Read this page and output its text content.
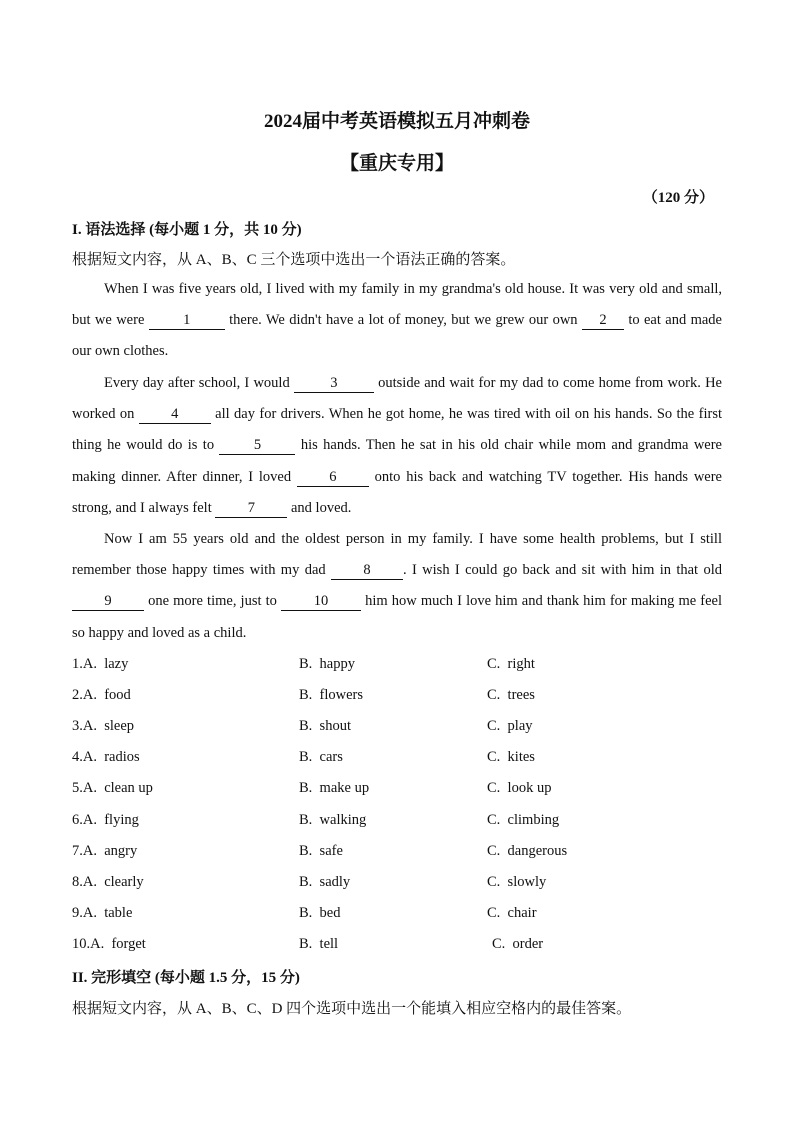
2024届中考英语模拟五月冲刺卷
【重庆专用】
（120 分）
I. 语法选择 (每小题 1 分，共 10 分)
根据短文内容，从 A、B、C 三个选项中选出一个语法正确的答案。

When I was five years old, I lived with my family in my grandma's old house. It was very old and small, but we were 1 there. We didn't have a lot of money, but we grew our own 2 to eat and made our own clothes.

Every day after school, I would	3	outside and wait for my dad to come home from work. He worked on 4 all day for drivers. When he got home, he was tired with oil on his hands. So the first thing he would do is to 5 his hands. Then he sat in his old chair while mom and grandma were making dinner. After dinner, I loved 6 onto his back and watching TV together. His hands were strong, and I always felt 7 and loved.

Now I am 55 years old and the oldest person in my family. I have some health problems, but I still remember those happy times with my dad 8 . I wish I could go back and sit with him in that old 9 one more time, just to 10 him how much I love him and thank him for making me feel so happy and loved as a child.

1.A.  lazy	B.  happy	C.  right
2.A.  food	B.  flowers	C.  trees
3.A.  sleep	B.  shout	C.  play
4.A.  radios	B.  cars	C.  kites
5.A.  clean up	B.  make up	C.  look up
6.A.  flying	B.  walking	C.  climbing
7.A.  angry	B.  safe	C.  dangerous
8.A.  clearly	B.  sadly	C.  slowly
9.A.  table	B.  bed	C.  chair
10.A.  forget	B.  tell	C.  order
II. 完形填空 (每小题 1.5 分，15 分)
根据短文内容，从 A、B、C、D 四个选项中选出一个能填入相应空格内的最佳答案。
